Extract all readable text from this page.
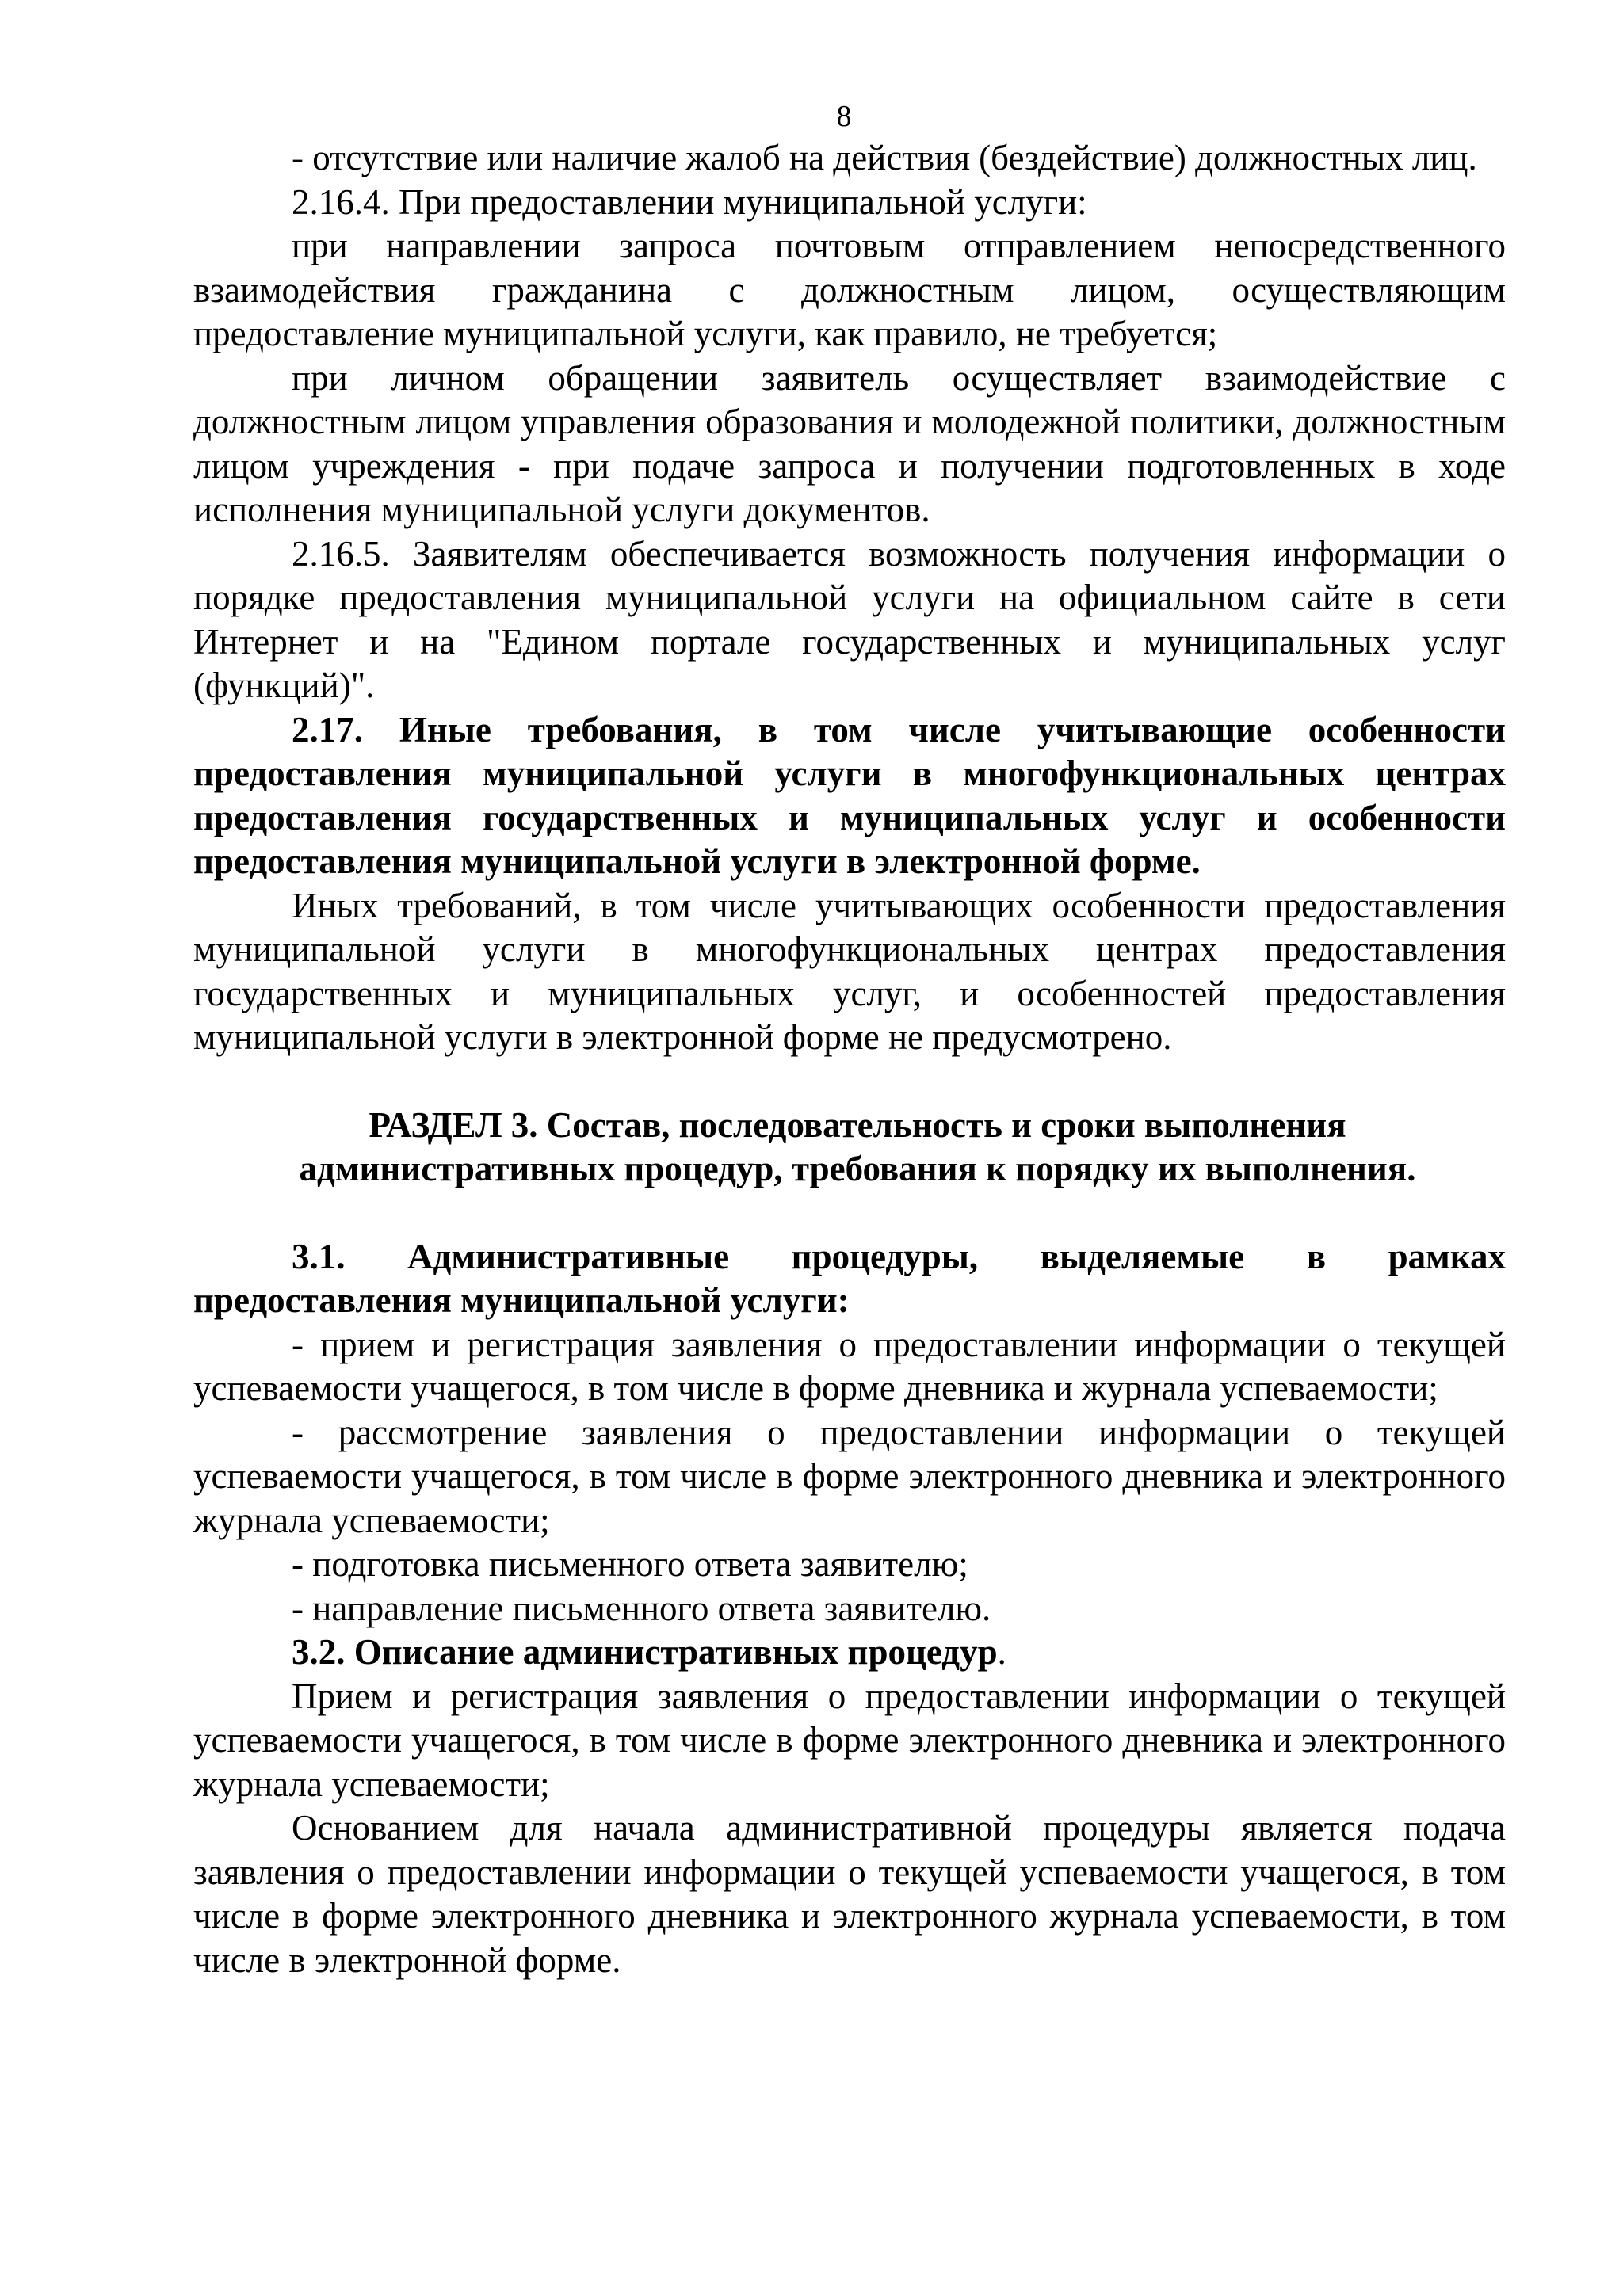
8

- отсутствие или наличие жалоб на действия (бездействие) должностных лиц.

2.16.4. При предоставлении муниципальной услуги:

при направлении запроса почтовым отправлением непосредственного взаимодействия гражданина с должностным лицом, осуществляющим предоставление муниципальной услуги, как правило, не требуется;

при личном обращении заявитель осуществляет взаимодействие с должностным лицом управления образования и молодежной политики, должностным лицом учреждения - при подаче запроса и получении подготовленных в ходе исполнения муниципальной услуги документов.

2.16.5. Заявителям обеспечивается возможность получения информации о порядке предоставления муниципальной услуги на официальном сайте в сети Интернет и на "Едином портале государственных и муниципальных услуг (функций)".

2.17. Иные требования, в том числе учитывающие особенности предоставления муниципальной услуги в многофункциональных центрах предоставления государственных и муниципальных услуг и особенности предоставления муниципальной услуги в электронной форме.

Иных требований, в том числе учитывающих особенности предоставления муниципальной услуги в многофункциональных центрах предоставления государственных и муниципальных услуг, и особенностей предоставления муниципальной услуги в электронной форме не предусмотрено.

РАЗДЕЛ 3. Состав, последовательность и сроки выполнения административных процедур, требования к порядку их выполнения.

3.1. Административные процедуры, выделяемые в рамках предоставления муниципальной услуги:

- прием и регистрация заявления о предоставлении информации о текущей успеваемости учащегося, в том числе в форме дневника и журнала успеваемости;

- рассмотрение заявления о предоставлении информации о текущей успеваемости учащегося, в том числе в форме электронного дневника и электронного журнала успеваемости;

- подготовка письменного ответа заявителю;

- направление письменного ответа заявителю.

3.2. Описание административных процедур.

Прием и регистрация заявления о предоставлении информации о текущей успеваемости учащегося, в том числе в форме электронного дневника и электронного журнала успеваемости;

Основанием для начала административной процедуры является подача заявления о предоставлении информации о текущей успеваемости учащегося, в том числе в форме электронного дневника и электронного журнала успеваемости, в том числе в электронной форме.
